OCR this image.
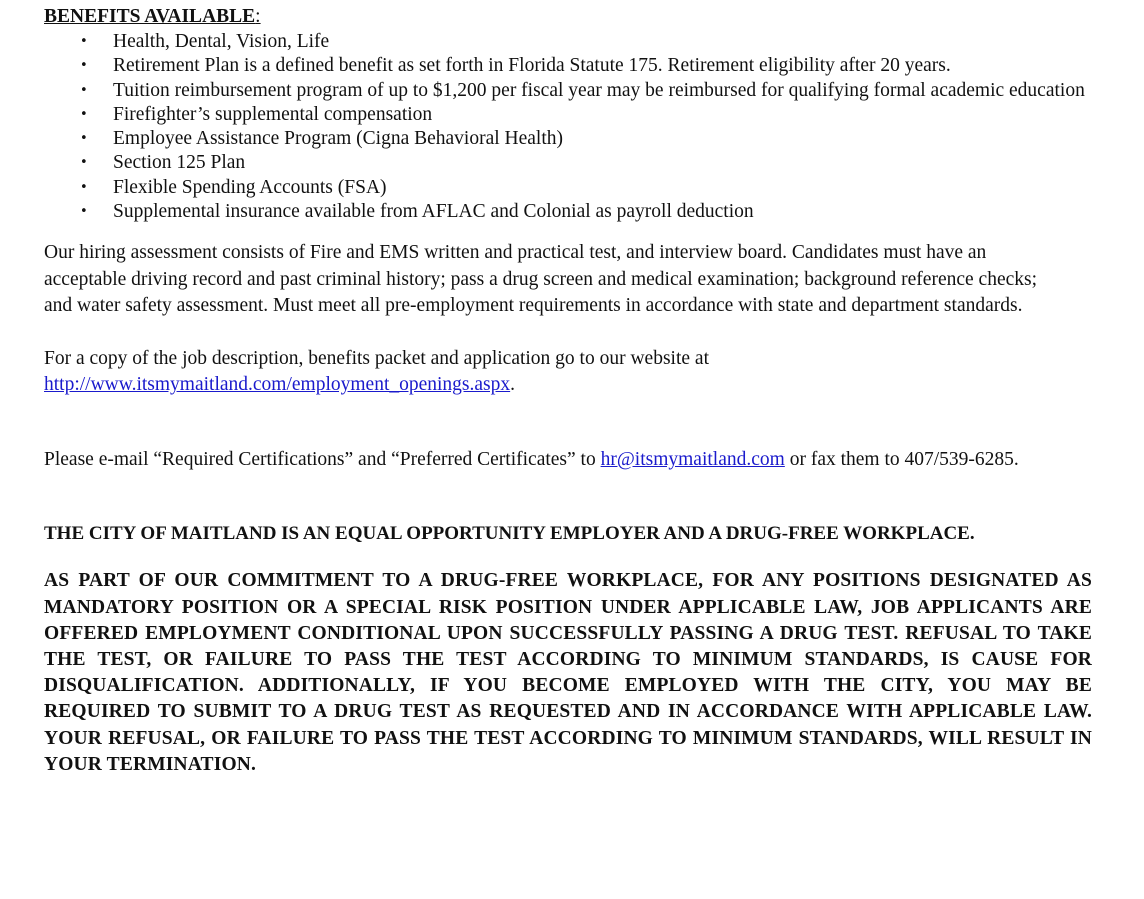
BENEFITS AVAILABLE:
• Health, Dental, Vision, Life
• Retirement Plan is a defined benefit as set forth in Florida Statute 175. Retirement eligibility after 20 years.
• Tuition reimbursement program of up to $1,200 per fiscal year may be reimbursed for qualifying formal academic education
• Firefighter’s supplemental compensation
• Employee Assistance Program (Cigna Behavioral Health)
• Section 125 Plan
• Flexible Spending Accounts (FSA)
• Supplemental insurance available from AFLAC and Colonial as payroll deduction

Our hiring assessment consists of Fire and EMS written and practical test, and interview board. Candidates must have an acceptable driving record and past criminal history; pass a drug screen and medical examination; background reference checks; and water safety assessment. Must meet all pre-employment requirements in accordance with state and department standards.

For a copy of the job description, benefits packet and application go to our website at
http://www.itsmymaitland.com/employment_openings.aspx.

Please e-mail “Required Certifications” and “Preferred Certificates” to hr@itsmymaitland.com or fax them to 407/539-6285.

THE CITY OF MAITLAND IS AN EQUAL OPPORTUNITY EMPLOYER AND A DRUG-FREE WORKPLACE.
AS PART OF OUR COMMITMENT TO A DRUG-FREE WORKPLACE, FOR ANY POSITIONS DESIGNATED AS MANDATORY POSITION OR A SPECIAL RISK POSITION UNDER APPLICABLE LAW, JOB APPLICANTS ARE OFFERED EMPLOYMENT CONDITIONAL UPON SUCCESSFULLY PASSING A DRUG TEST. REFUSAL TO TAKE THE TEST, OR FAILURE TO PASS THE TEST ACCORDING TO MINIMUM STANDARDS, IS CAUSE FOR DISQUALIFICATION. ADDITIONALLY, IF YOU BECOME EMPLOYED WITH THE CITY, YOU MAY BE REQUIRED TO SUBMIT TO A DRUG TEST AS REQUESTED AND IN ACCORDANCE WITH APPLICABLE LAW. YOUR REFUSAL, OR FAILURE TO PASS THE TEST ACCORDING TO MINIMUM STANDARDS, WILL RESULT IN YOUR TERMINATION.
